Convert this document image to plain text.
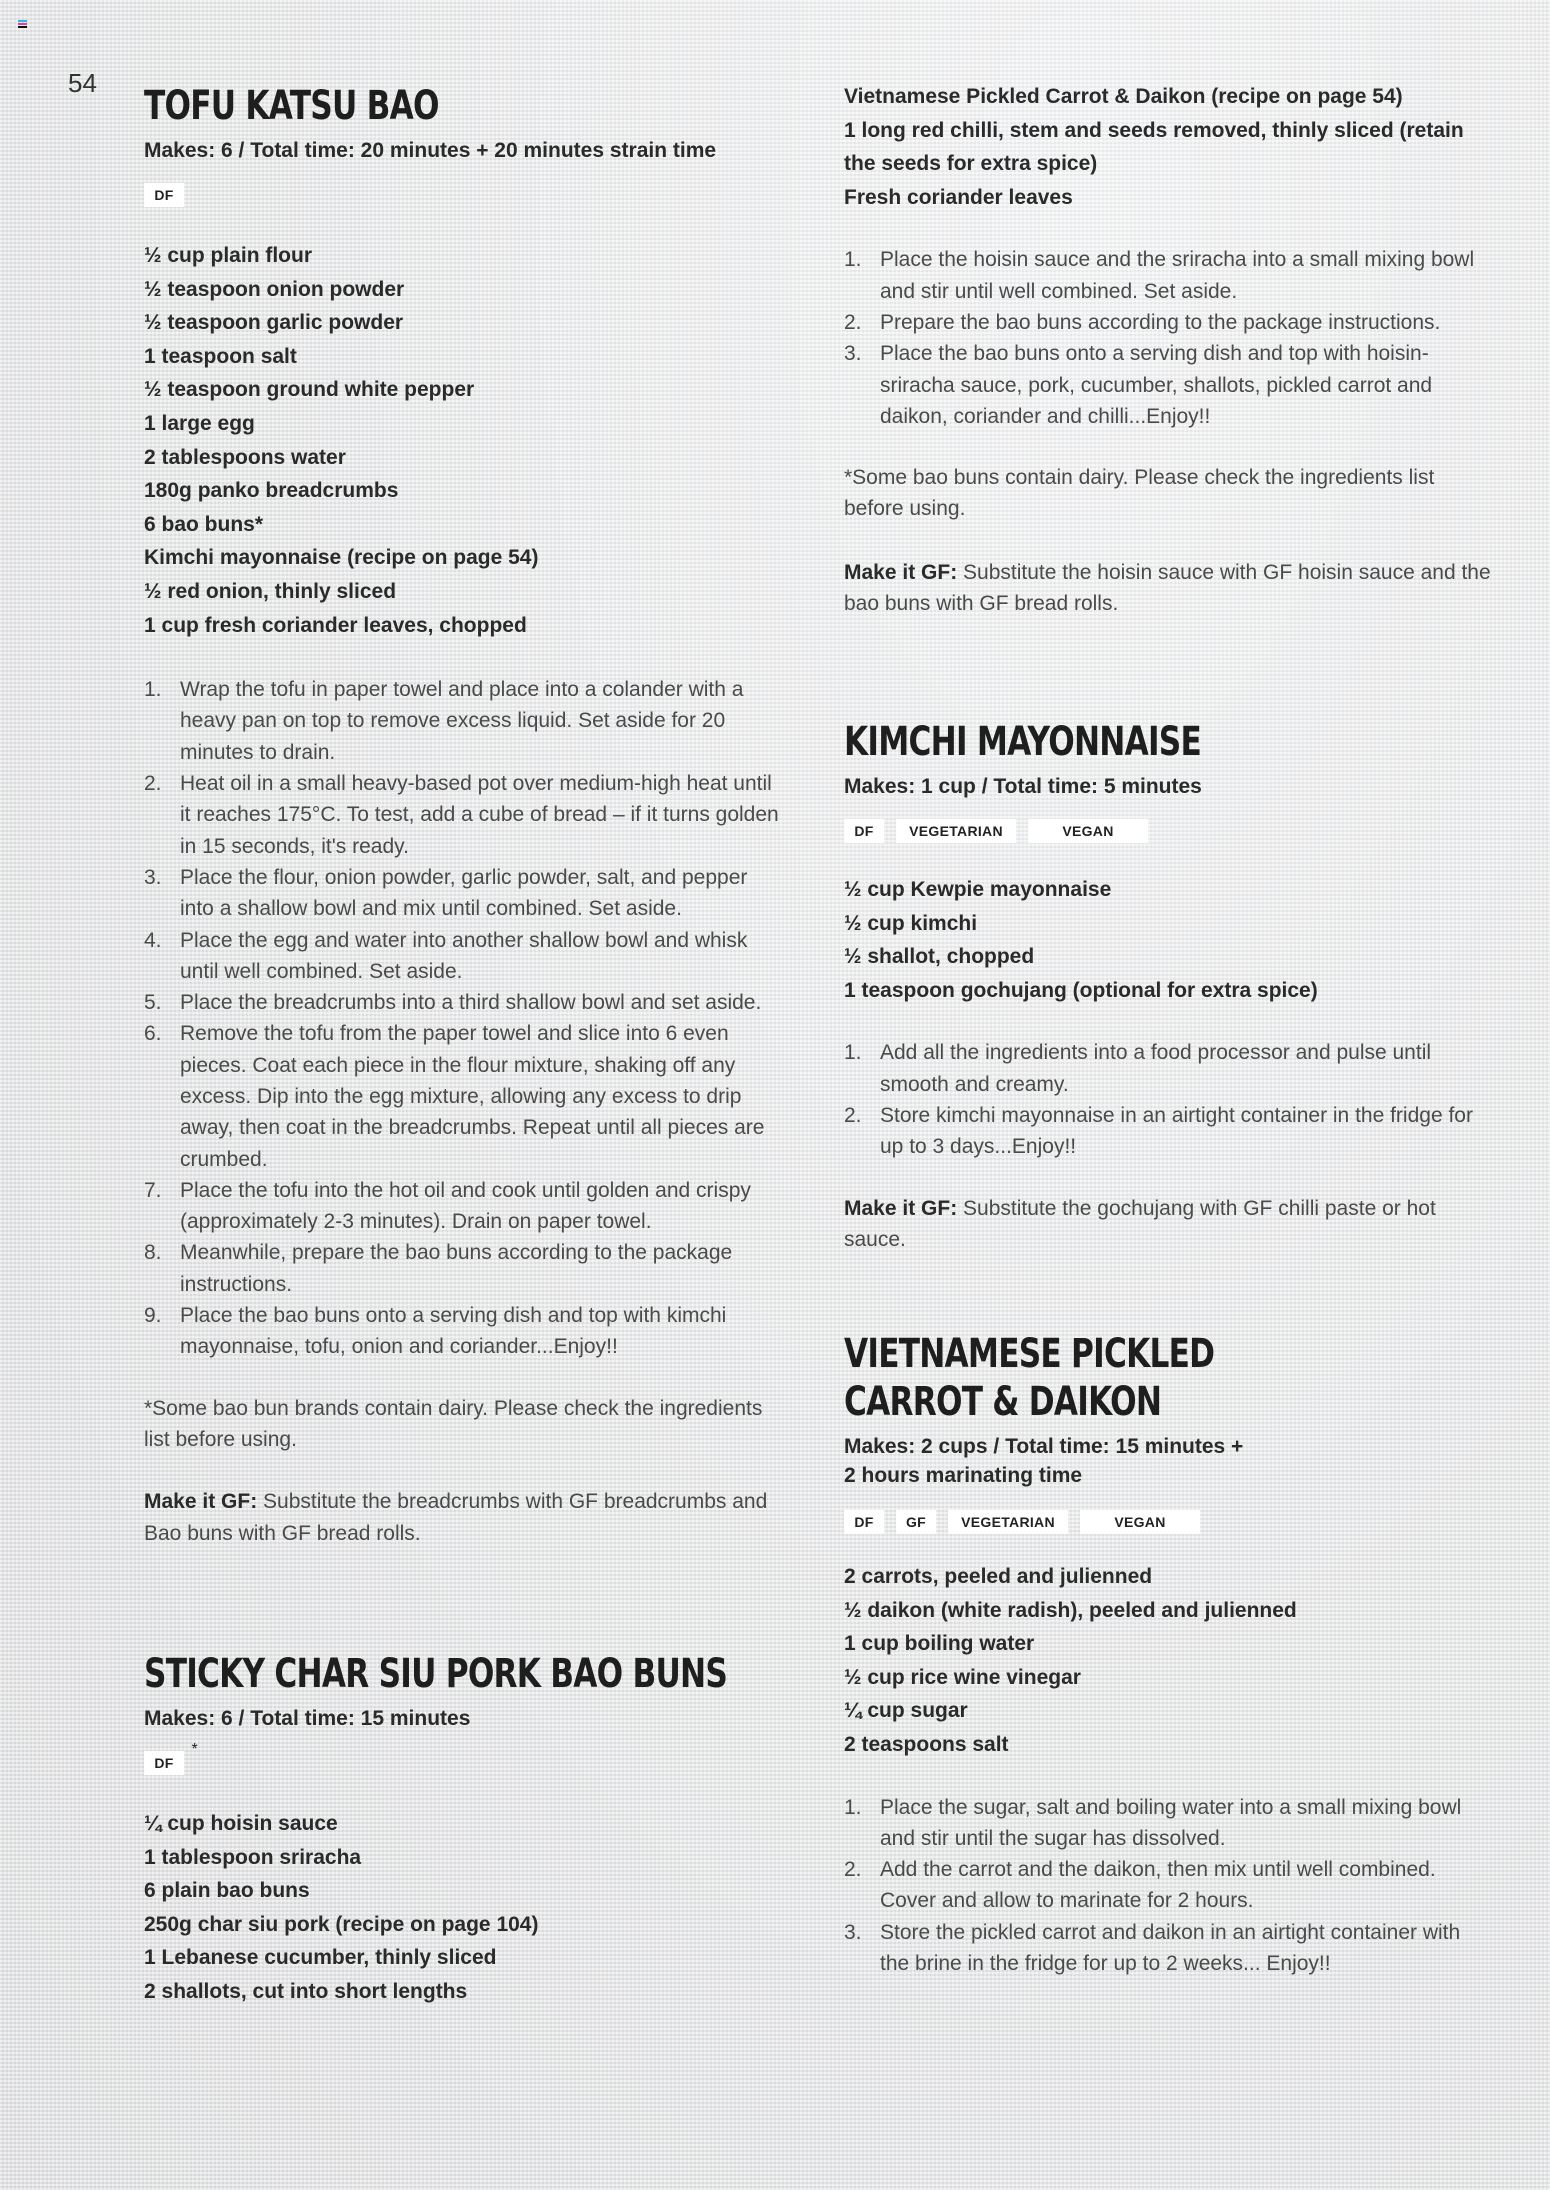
54 TOFU KATSU BAO

Makes: 6 / Total time: 20 minutes + 20 minutes strain time

DF
½ cup plain flour
½ teaspoon onion powder
½ teaspoon garlic powder
1 teaspoon salt
½ teaspoon ground white pepper
1 large egg
2 tablespoons water
180g panko breadcrumbs
6 bao buns*
Kimchi mayonnaise (recipe on page 54)
½ red onion, thinly sliced
1 cup fresh coriander leaves, chopped
1. Wrap the tofu in paper towel and place into a colander with a heavy pan on top to remove excess liquid. Set aside for 20 minutes to drain.
2. Heat oil in a small heavy-based pot over medium-high heat until it reaches 175°C. To test, add a cube of bread – if it turns golden in 15 seconds, it's ready.
3. Place the flour, onion powder, garlic powder, salt, and pepper into a shallow bowl and mix until combined. Set aside.
4. Place the egg and water into another shallow bowl and whisk until well combined. Set aside.
5. Place the breadcrumbs into a third shallow bowl and set aside.
6. Remove the tofu from the paper towel and slice into 6 even pieces. Coat each piece in the flour mixture, shaking off any excess. Dip into the egg mixture, allowing any excess to drip away, then coat in the breadcrumbs. Repeat until all pieces are crumbed.
7. Place the tofu into the hot oil and cook until golden and crispy (approximately 2-3 minutes). Drain on paper towel.
8. Meanwhile, prepare the bao buns according to the package instructions.
9. Place the bao buns onto a serving dish and top with kimchi mayonnaise, tofu, onion and coriander...Enjoy!!

*Some bao bun brands contain dairy. Please check the ingredients list before using.

Make it GF: Substitute the breadcrumbs with GF breadcrumbs and Bao buns with GF bread rolls.

STICKY CHAR SIU PORK BAO BUNS

Makes: 6 / Total time: 15 minutes

DF
*
¼ cup hoisin sauce
1 tablespoon sriracha
6 plain bao buns
250g char siu pork (recipe on page 104)
1 Lebanese cucumber, thinly sliced
2 shallots, cut into short lengths
Vietnamese Pickled Carrot & Daikon (recipe on page 54)
1 long red chilli, stem and seeds removed, thinly sliced (retain the seeds for extra spice)
Fresh coriander leaves
1. Place the hoisin sauce and the sriracha into a small mixing bowl and stir until well combined. Set aside.
2. Prepare the bao buns according to the package instructions.
3. Place the bao buns onto a serving dish and top with hoisin-sriracha sauce, pork, cucumber, shallots, pickled carrot and daikon, coriander and chilli...Enjoy!!

*Some bao buns contain dairy. Please check the ingredients list before using.

Make it GF: Substitute the hoisin sauce with GF hoisin sauce and the bao buns with GF bread rolls.

KIMCHI MAYONNAISE

Makes: 1 cup / Total time: 5 minutes

DF	VEGETARIAN	VEGAN
½ cup Kewpie mayonnaise
½ cup kimchi
½ shallot, chopped
1 teaspoon gochujang (optional for extra spice)
1. Add all the ingredients into a food processor and pulse until smooth and creamy.
2. Store kimchi mayonnaise in an airtight container in the fridge for up to 3 days...Enjoy!!

Make it GF: Substitute the gochujang with GF chilli paste or hot sauce.

VIETNAMESE PICKLED
CARROT & DAIKON

Makes: 2 cups / Total time: 15 minutes +
2 hours marinating time

DF	GF	VEGETARIAN	VEGAN
2 carrots, peeled and julienned
½ daikon (white radish), peeled and julienned
1 cup boiling water
½ cup rice wine vinegar
¼ cup sugar
2 teaspoons salt
1. Place the sugar, salt and boiling water into a small mixing bowl and stir until the sugar has dissolved.
2. Add the carrot and the daikon, then mix until well combined. Cover and allow to marinate for 2 hours.
3. Store the pickled carrot and daikon in an airtight container with the brine in the fridge for up to 2 weeks... Enjoy!!
